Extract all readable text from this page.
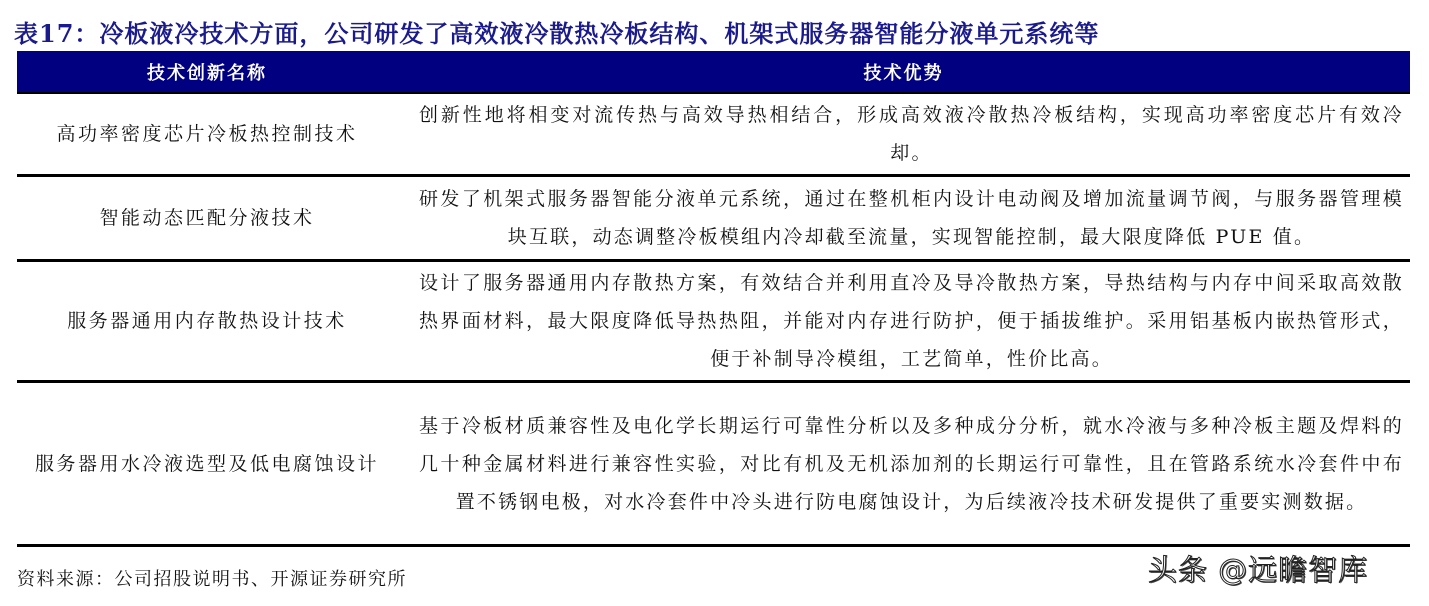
表17：冷板液冷技术方面，公司研发了高效液冷散热冷板结构、机架式服务器智能分液单元系统等
技术创新名称	技术优势
高功率密度芯片冷板热控制技术
创新性地将相变对流传热与高效导热相结合，形成高效液冷散热冷板结构，实现高功率密度芯片有效冷却。
智能动态匹配分液技术
研发了机架式服务器智能分液单元系统，通过在整机柜内设计电动阀及增加流量调节阀，与服务器管理模块互联，动态调整冷板模组内冷却截至流量，实现智能控制，最大限度降低 PUE 值。
服务器通用内存散热设计技术
设计了服务器通用内存散热方案，有效结合并利用直冷及导冷散热方案，导热结构与内存中间采取高效散热界面材料，最大限度降低导热热阻，并能对内存进行防护，便于插拔维护。采用铝基板内嵌热管形式，便于补制导冷模组，工艺简单，性价比高。
服务器用水冷液选型及低电腐蚀设计
基于冷板材质兼容性及电化学长期运行可靠性分析以及多种成分分析，就水冷液与多种冷板主题及焊料的几十种金属材料进行兼容性实验，对比有机及无机添加剂的长期运行可靠性，且在管路系统水冷套件中布置不锈钢电极，对水冷套件中冷头进行防电腐蚀设计，为后续液冷技术研发提供了重要实测数据。
资料来源：公司招股说明书、开源证券研究所	头条 @远瞻智库
